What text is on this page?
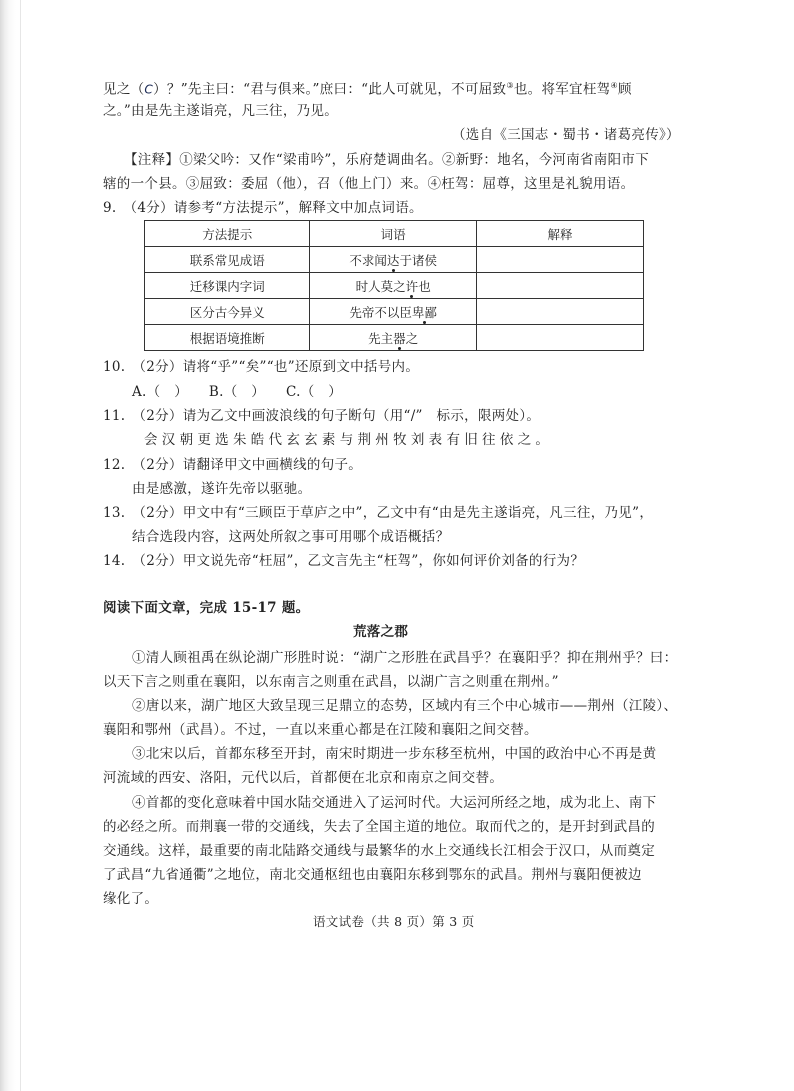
见之（C）？”先主曰：“君与俱来。”庶曰：“此人可就见，不可屈致③也。将军宜枉驾④顾
之。”由是先主遂诣亮，凡三往，乃见。
（选自《三国志・蜀书・诸葛亮传》）
【注释】①梁父吟：又作“梁甫吟”，乐府楚调曲名。②新野：地名，今河南省南阳市下
辖的一个县。③屈致：委屈（他），召（他上门）来。④枉驾：屈尊，这里是礼貌用语。
9.　（4分）请参考“方法提示”，解释文中加点词语。
方法提示	词语	解释
联系常见成语	不求闻达于诸侯	
迁移课内字词	时人莫之许也	
区分古今异义	先帝不以臣卑鄙	
根据语境推断	先主器之	
10.　（2分）请将“乎”“矣”“也”还原到文中括号内。
A.（　）　　B.（　）　　C.（　）
11.　（2分）请为乙文中画波浪线的句子断句（用“/”　标示，限两处）。
会 汉 朝 更 选 朱 皓 代 玄 玄 素 与 荆 州 牧 刘 表 有 旧 往 依 之 。
12.　（2分）请翻译甲文中画横线的句子。
由是感激，遂许先帝以驱驰。
13.　（2分）甲文中有“三顾臣于草庐之中”，乙文中有“由是先主遂诣亮，凡三往，乃见”，
结合选段内容，这两处所叙之事可用哪个成语概括？
14.　（2分）甲文说先帝“枉屈”，乙文言先主“枉驾”，你如何评价刘备的行为？
阅读下面文章，完成 15-17 题。
荒落之郡
①清人顾祖禹在纵论湖广形胜时说：“湖广之形胜在武昌乎？在襄阳乎？抑在荆州乎？曰：
以天下言之则重在襄阳，以东南言之则重在武昌，以湖广言之则重在荆州。”
②唐以来，湖广地区大致呈现三足鼎立的态势，区域内有三个中心城市——荆州（江陵）、
襄阳和鄂州（武昌）。不过，一直以来重心都是在江陵和襄阳之间交替。
③北宋以后，首都东移至开封，南宋时期进一步东移至杭州，中国的政治中心不再是黄
河流域的西安、洛阳，元代以后，首都便在北京和南京之间交替。
④首都的变化意味着中国水陆交通进入了运河时代。大运河所经之地，成为北上、南下
的必经之所。而荆襄一带的交通线，失去了全国主道的地位。取而代之的，是开封到武昌的
交通线。这样，最重要的南北陆路交通线与最繁华的水上交通线长江相会于汉口，从而奠定
了武昌“九省通衢”之地位，南北交通枢纽也由襄阳东移到鄂东的武昌。荆州与襄阳便被边
缘化了。
语文试卷（共 8 页）第 3 页
